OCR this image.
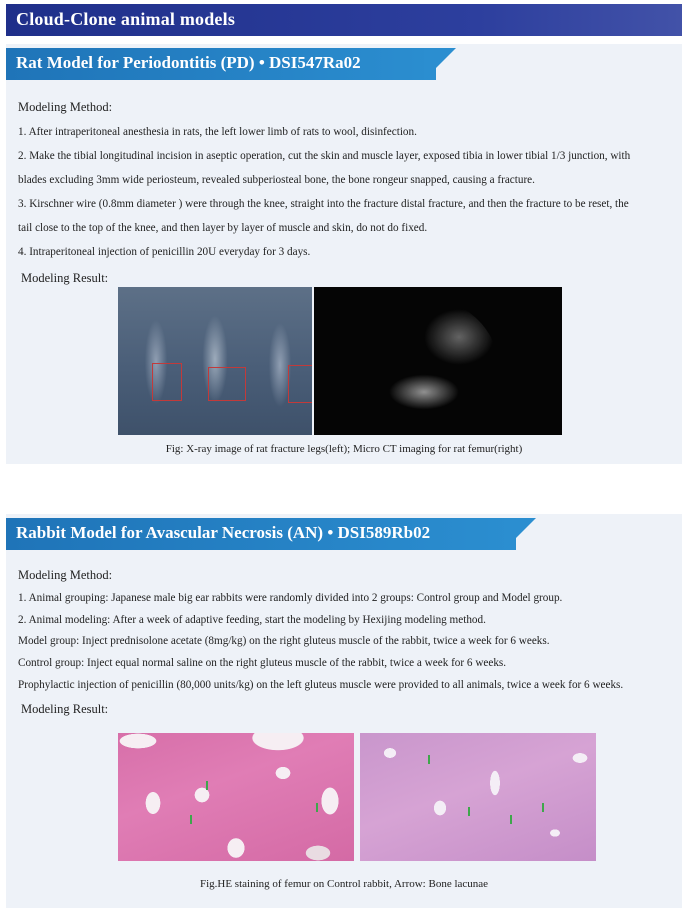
Cloud-Clone animal models
Rat Model for Periodontitis (PD) • DSI547Ra02
Modeling Method:
1. After intraperitoneal anesthesia in rats, the left lower limb of rats to wool, disinfection.
2. Make the tibial longitudinal incision in aseptic operation, cut the skin and muscle layer, exposed tibia in lower tibial 1/3 junction, with
blades excluding 3mm wide periosteum, revealed subperiosteal bone, the bone rongeur snapped, causing a fracture.
3. Kirschner wire (0.8mm diameter ) were through the knee, straight into the fracture distal fracture, and then the fracture to be reset, the
tail close to the top of the knee, and then layer by layer of muscle and skin, do not do fixed.
4. Intraperitoneal injection of penicillin 20U everyday for 3 days.
Modeling Result:
Fig: X-ray image of rat fracture legs(left); Micro CT imaging for rat femur(right)
Rabbit Model for Avascular Necrosis (AN) • DSI589Rb02
Modeling Method:
1. Animal grouping: Japanese male big ear rabbits were randomly divided into 2 groups: Control group and Model group.
2. Animal modeling: After a week of adaptive feeding, start the modeling by Hexijing modeling method.
Model group: Inject prednisolone acetate (8mg/kg) on the right gluteus muscle of the rabbit, twice a week for 6 weeks.
Control group: Inject equal normal saline on the right gluteus muscle of the rabbit, twice a week for 6 weeks.
Prophylactic injection of penicillin (80,000 units/kg) on the left gluteus muscle were provided to all animals, twice a week for 6 weeks.
Modeling Result:
Fig.HE staining of femur on Control rabbit, Arrow: Bone lacunae
